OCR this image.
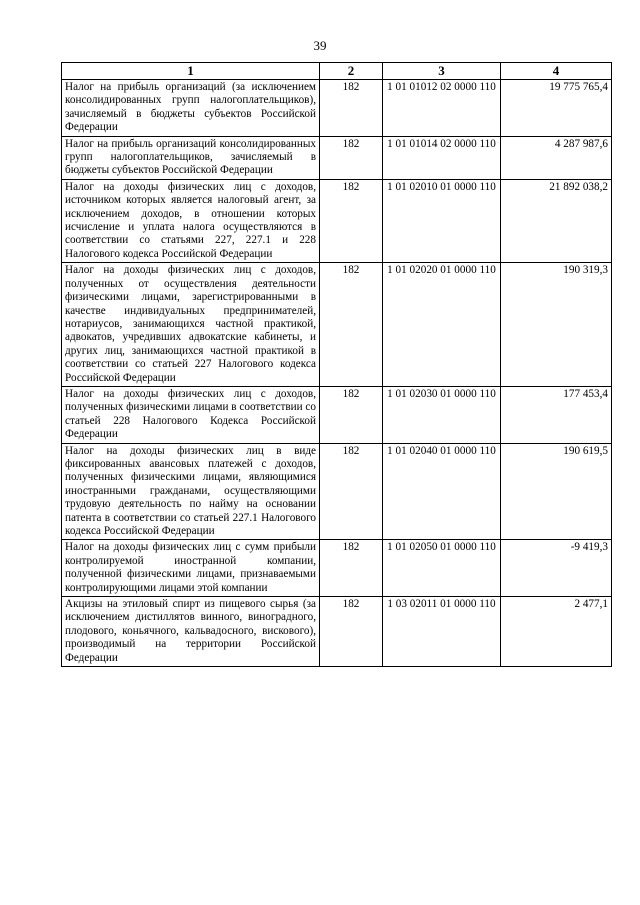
39
1	2	3	4
Налог на прибыль организаций (за исключением консолидированных групп налогоплательщиков), зачисляемый в бюджеты субъектов Российской Федерации	182	1 01 01012 02 0000 110	19 775 765,4
Налог на прибыль организаций консолидированных групп налогоплательщиков, зачисляемый в бюджеты субъектов Российской Федерации	182	1 01 01014 02 0000 110	4 287 987,6
Налог на доходы физических лиц с доходов, источником которых является налоговый агент, за исключением доходов, в отношении которых исчисление и уплата налога осуществляются в соответствии со статьями 227, 227.1 и 228 Налогового кодекса Российской Федерации	182	1 01 02010 01 0000 110	21 892 038,2
Налог на доходы физических лиц с доходов, полученных от осуществления деятельности физическими лицами, зарегистрированными в качестве индивидуальных предпринимателей, нотариусов, занимающихся частной практикой, адвокатов, учредивших адвокатские кабинеты, и других лиц, занимающихся частной практикой в соответствии со статьей 227 Налогового кодекса Российской Федерации	182	1 01 02020 01 0000 110	190 319,3
Налог на доходы физических лиц с доходов, полученных физическими лицами в соответствии со статьей 228 Налогового Кодекса Российской Федерации	182	1 01 02030 01 0000 110	177 453,4
Налог на доходы физических лиц в виде фиксированных авансовых платежей с доходов, полученных физическими лицами, являющимися иностранными гражданами, осуществляющими трудовую деятельность по найму на основании патента в соответствии со статьей 227.1 Налогового кодекса Российской Федерации	182	1 01 02040 01 0000 110	190 619,5
Налог на доходы физических лиц с сумм прибыли контролируемой иностранной компании, полученной физическими лицами, признаваемыми контролирующими лицами этой компании	182	1 01 02050 01 0000 110	-9 419,3
Акцизы на этиловый спирт из пищевого сырья (за исключением дистиллятов винного, виноградного, плодового, коньячного, кальвадосного, вискового), производимый на территории Российской Федерации	182	1 03 02011 01 0000 110	2 477,1
